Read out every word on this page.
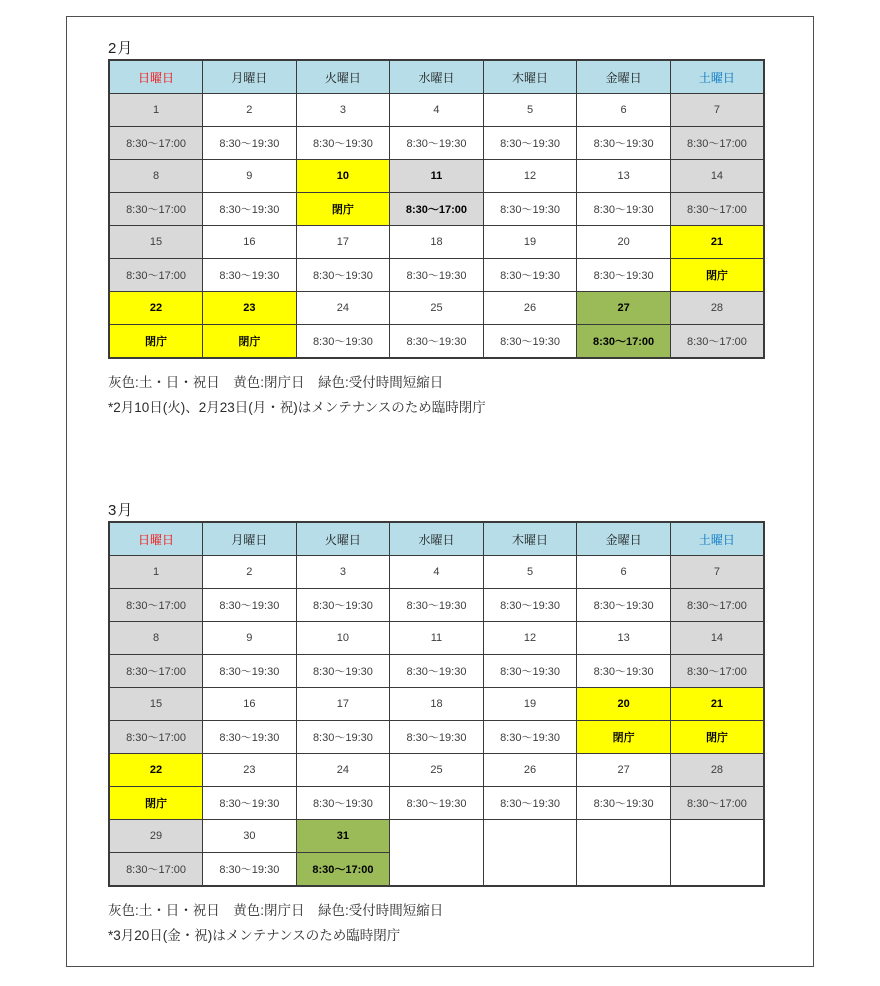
2月
日曜日	月曜日	火曜日	水曜日	木曜日	金曜日	土曜日
1	2	3	4	5	6	7
8:30〜17:00	8:30〜19:30	8:30〜19:30	8:30〜19:30	8:30〜19:30	8:30〜19:30	8:30〜17:00
8	9	10	11	12	13	14
8:30〜17:00	8:30〜19:30	閉庁	8:30〜17:00	8:30〜19:30	8:30〜19:30	8:30〜17:00
15	16	17	18	19	20	21
8:30〜17:00	8:30〜19:30	8:30〜19:30	8:30〜19:30	8:30〜19:30	8:30〜19:30	閉庁
22	23	24	25	26	27	28
閉庁	閉庁	8:30〜19:30	8:30〜19:30	8:30〜19:30	8:30〜17:00	8:30〜17:00
灰色:土・日・祝日　黄色:閉庁日　緑色:受付時間短縮日
*2月10日(火)、2月23日(月・祝)はメンテナンスのため臨時閉庁
3月
日曜日	月曜日	火曜日	水曜日	木曜日	金曜日	土曜日
1	2	3	4	5	6	7
8:30〜17:00	8:30〜19:30	8:30〜19:30	8:30〜19:30	8:30〜19:30	8:30〜19:30	8:30〜17:00
8	9	10	11	12	13	14
8:30〜17:00	8:30〜19:30	8:30〜19:30	8:30〜19:30	8:30〜19:30	8:30〜19:30	8:30〜17:00
15	16	17	18	19	20	21
8:30〜17:00	8:30〜19:30	8:30〜19:30	8:30〜19:30	8:30〜19:30	閉庁	閉庁
22	23	24	25	26	27	28
閉庁	8:30〜19:30	8:30〜19:30	8:30〜19:30	8:30〜19:30	8:30〜19:30	8:30〜17:00
29	30	31				
8:30〜17:00	8:30〜19:30	8:30〜17:00				
灰色:土・日・祝日　黄色:閉庁日　緑色:受付時間短縮日
*3月20日(金・祝)はメンテナンスのため臨時閉庁
